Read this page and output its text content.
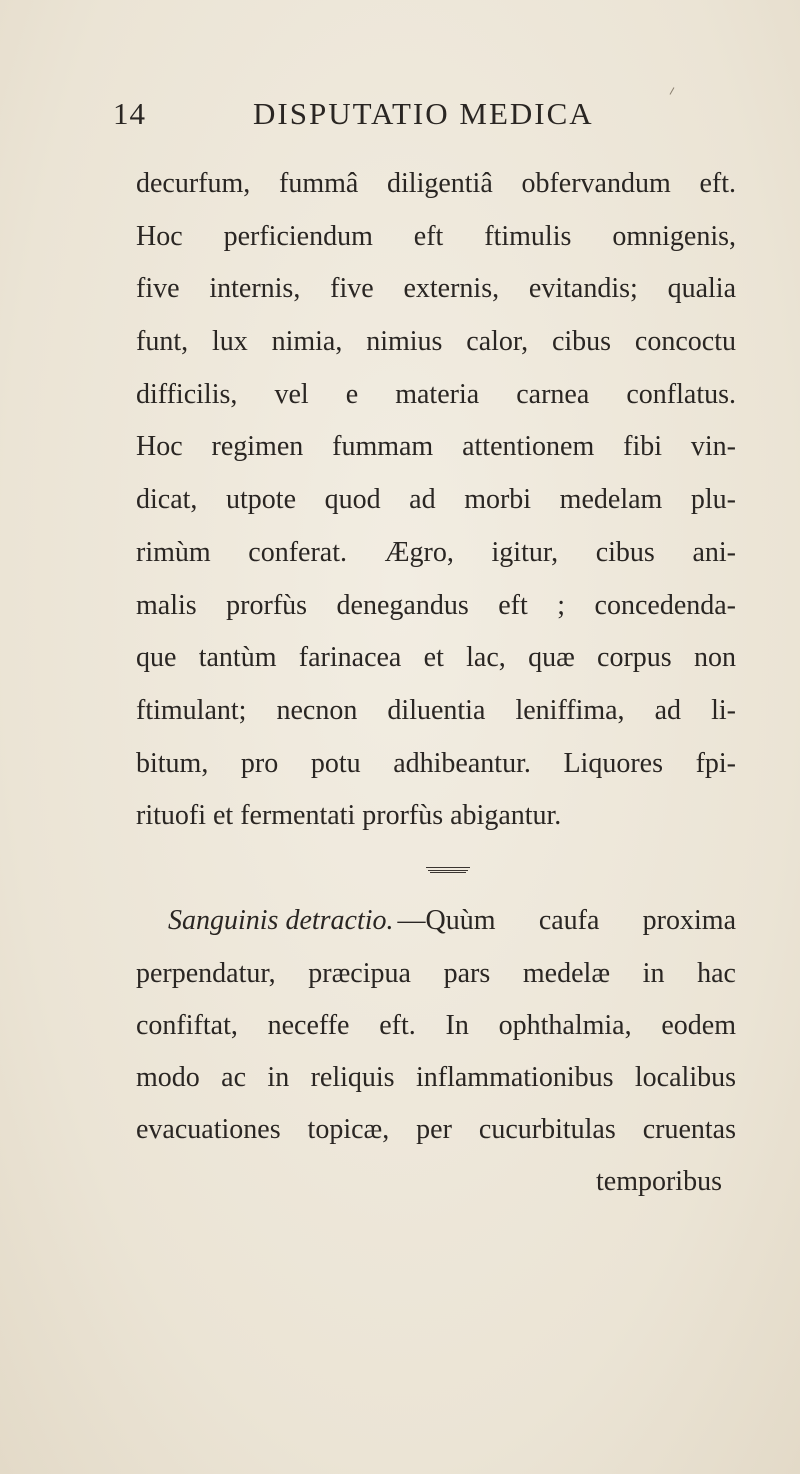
14	DISPUTATIO MEDICA
decurfum, fummâ diligentiâ obfervandum eft.
Hoc perficiendum eft ftimulis omnigenis,
five internis, five externis, evitandis; qualia
funt, lux nimia, nimius calor, cibus concoctu
difficilis, vel e materia carnea conflatus.
Hoc regimen fummam attentionem fibi vin-
dicat, utpote quod ad morbi medelam plu-
rimùm conferat. Ægro, igitur, cibus ani-
malis prorfùs denegandus eft ; concedenda-
que tantùm farinacea et lac, quæ corpus non
ftimulant; necnon diluentia leniffima, ad li-
bitum, pro potu adhibeantur. Liquores fpi-
rituofi et fermentati prorfùs abigantur.
Sanguinis detractio. —Quùm caufa proxima
perpendatur, præcipua pars medelæ in hac
confiftat, neceffe eft. In ophthalmia, eodem
modo ac in reliquis inflammationibus localibus
evacuationes topicæ, per cucurbitulas cruentas
temporibus
